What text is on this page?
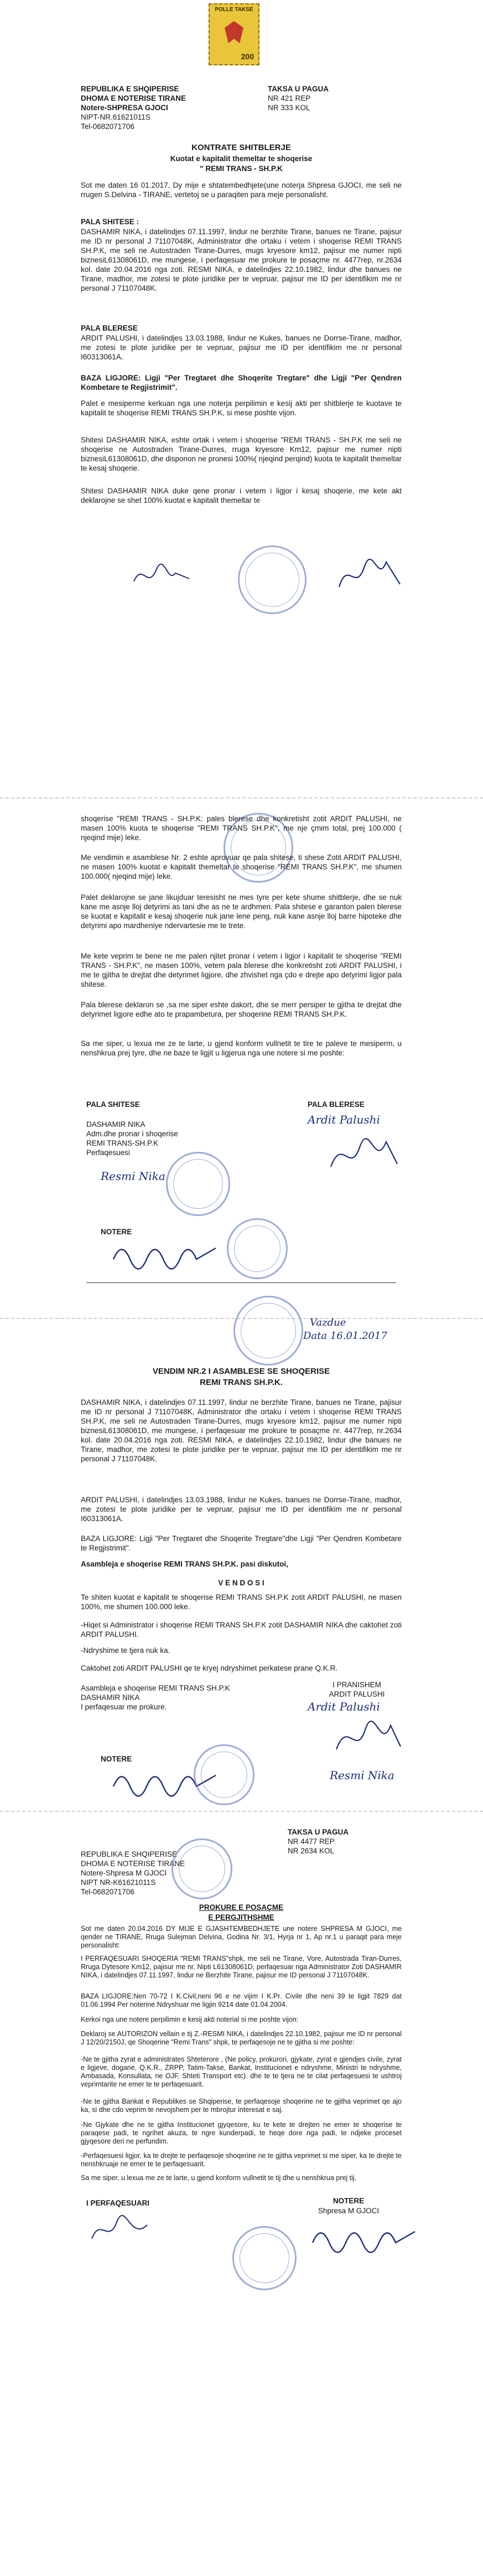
POLLE TAKSE
200
REPUBLIKA E SHQIPERISE
DHOMA E NOTERISE TIRANE
Notere-SHPRESA GJOCI
NIPT-NR.61621011S
Tel-0682071706
TAKSA U PAGUA
NR 421 REP
NR 333 KOL
KONTRATE SHITBLERJE
Kuotat e kapitalit themeltar te shoqerise
" REMI TRANS - SH.P.K
Sot me daten 16 01.2017, Dy mije e shtatembedhjete(une noterja Shpresa GJOCI, me seli ne rrugen S.Delvina - TIRANE, vertetoj se u paraqiten para meje personalisht.
PALA SHITESE :
DASHAMIR NIKA, i datelindjes 07.11.1997, lindur ne berzhite Tirane, banues ne Tirane, pajisur me ID nr personal J 71107048K, Administrator dhe ortaku i vetem i shoqerise REMI TRANS SH.P.K, me seli ne Autostraden Tirane-Durres, mugs kryesore km12, pajisur me numer nipti biznesiL61308061D, me mungese, i perfaqesuar me prokure te posaçme nr. 4477rep, nr.2634 kol. date 20.04.2016 nga zoti. RESMI NIKA, e datelindjes 22.10.1982, lindur dhe banues ne Tirane, madhor, me zotesi te plote juridike per te vepruar, pajisur me ID per identifikim me nr personal J 71107048K.
PALA BLERESE
ARDIT PALUSHI, i datelindjes 13.03.1988, lindur ne Kukes, banues ne Dorrse-Tirane, madhor, me zotesi te plote juridike per te vepruar, pajisur me ID per identifikim me nr personal I60313061A.
BAZA LIGJORE: Ligji "Per Tregtaret dhe Shoqerite Tregtare" dhe Ligji "Per Qendren Kombetare te Regjistrimit".
Palet e mesiperme kerkuan nga une noterja perpilimin e kesij akti per shitblerje te kuotave te kapitalit te shoqerise REMI TRANS SH.P.K, si mese poshte vijon.
Shitesi DASHAMIR NIKA, eshte ortak i vetem i shoqerise "REMI TRANS - SH.P.K me seli ne shoqerise ne Autostraden Tirane-Durres, rruga kryesore Km12, pajisur me numer nipti biznesiL61308061D, dhe disponon ne pronesi 100%( njeqind perqind) kuota te kapitalit themeltar te kesaj shoqerie.
Shitesi DASHAMIR NIKA duke qene pronar i vetem i ligjor i kesaj shoqerie, me kete akt deklarojne se shet 100% kuotat e kapitalit themeltar te
shoqerise "REMI TRANS - SH.P.K: pales blerese dhe konkretisht zotit ARDIT PALUSHI, ne masen 100% kuota te shoqerise "REMI TRANS SH.P.K", me nje çmim total, prej 100.000 ( njeqind mije) leke.
Me vendimin e asamblese Nr. 2 eshte aprovuar qe pala shitese, ti shese Zotit ARDIT PALUSHI, ne masen 100% kuotat e kapitalit themeltar te shoqerise "REMI TRANS SH.P.K", me shumen 100.000( njeqind mije) leke.
Palet deklarojne se jane likujduar teresisht ne mes tyre per kete shume shitblerje, dhe se nuk kane me asnje lloj detyrimi as tani dhe as ne te ardhmen. Pala shitese e garanton palen blerese se kuotat e kapitalit e kesaj shoqerie nuk jane lene peng, nuk kane asnje lloj barre hipoteke dhe detyrimi apo mardheniye ndervartesie me te trete.
Me kete veprim te bene ne me palen njitet pronar i vetem i ligjor i kapitalit te shoqerise "REMI TRANS - SH.P.K", ne masen 100%, vetem pala blerese dhe konkretisht zoti ARDIT PALUSHI, i me te gjitha te drejtat dhe detyrimet ligjore, dhe zhvishet nga çdo e drejte apo detyrimi ligjor pala shitese.
Pala blerese deklaron se ,sa me siper eshte dakort, dhe se merr persiper te gjitha te drejtat dhe detyrimet ligjore edhe ato te prapambetura, per shoqerine REMI TRANS SH.P.K.
Sa me siper, u lexua me ze te larte, u gjend konform vullnetit te tire te paleve te mesiperm, u nenshkrua prej tyre, dhe ne baze te ligjit u ligjerua nga une notere si me poshte:
PALA SHITESE	PALA BLERESE
DASHAMIR NIKA
Adm.dhe pronar i shoqerise
REMI TRANS-SH.P.K
Perfaqesuesi
Ardit Palushi
Resmi Nika
NOTERE
Vazdue
Data 16.01.2017
VENDIM NR.2 I ASAMBLESE SE SHOQERISE
REMI TRANS SH.P.K.
DASHAMIR NIKA, i datelindjes 07.11.1997, lindur ne berzhite Tirane, banues ne Tirane, pajisur me ID nr personal J 71107048K, Administrator dhe ortaku i vetem i shoqerise REMI TRANS SH.P.K, me seli ne Autostraden Tirane-Durres, mugs kryesore km12, pajisur me numer nipti biznesiL61308061D, me mungese, i perfaqesuar me prokure te posaçme nr. 4477rep, nr.2634 kol. date 20.04.2016 nga zoti. RESMI NIKA, e datelindjes 22.10.1982, lindur dhe banues ne Tirane, madhor, me zotesi te plote juridike per te vepruar, pajisur me ID per identifikim me nr personal J 71107048K.
ARDIT PALUSHI, i datelindjes 13.03.1988, lindur ne Kukes, banues ne Dorrse-Tirane, madhor, me zotesi te plote juridike per te vepruar, pajisur me ID per identifikim me nr personal I60313061A.
BAZA LIGJORE: Ligji "Per Tregtaret dhe Shoqerite Tregtare"dhe Ligji "Per Qendren Kombetare te Regjistrimit".
Asambleja e shoqerise REMI TRANS SH.P.K. pasi diskutoi,
V E N D O S I
Te shiten kuotat e kapitalit te shoqerise REMI TRANS SH.P.K zotit ARDIT PALUSHI, ne masen 100%, me shumen 100.000 leke.
-Hiqet si Administrator i shoqerise REMI TRANS SH.P.K zotit DASHAMIR NIKA dhe caktohet zoti ARDIT PALUSHI.
-Ndryshime te tjera nuk ka.
Caktohet zoti ARDIT PALUSHI qe te kryej ndryshimet perkatese prane Q.K.R.
Asambleja e shoqerise REMI TRANS SH.P.K
DASHAMIR NIKA
I perfaqesuar me prokure.
I PRANISHEM
ARDIT PALUSHI
Ardit Palushi
NOTERE
Resmi Nika
TAKSA U PAGUA
NR 4477 REP
NR 2634 KOL
REPUBLIKA E SHQIPERISE
DHOMA E NOTERISE TIRANE
Notere-Shpresa M GJOCI
NIPT NR-K61621011S
Tel-0682071706
PROKURE E POSAÇME
E PERGJITHSHME
Sot me daten 20.04.2016 DY MIJE E GJASHTEMBEDHJETE une notere SHPRESA M GJOCI, me qender ne TIRANE, Rruga Sulejman Delvina, Godina Nr. 3/1, Hyrja nr 1, Ap nr.1 u paraqit para meje personalisht:
I PERFAQESUARI SHOQERIA "REMI TRANS"shpk, me seli ne Tirane, Vore, Autostrada Tiran-Durres, Rruga Dytesore Km12, pajisur me nr. Nipti L61308061D, perfaqesuar nga Administrator Zoti DASHAMIR NIKA, i datelindjes 07.11.1997, lindur ne Berzhite Tirane, pajisur me ID personal J 71107048K.
BAZA LIGJORE:Nen 70-72 I K.Civil,neni 96 e ne vijim I K.Pr. Civile dhe neni 39 te ligjit 7829 dat 01.06.1994 Per noterine.Ndryshuar me ligjin 9214 date 01.04.2004.
Kerkoi nga une notere perpilimin e kesij akti noterial si me poshte vijon:
Deklaroj se AUTORIZON vellain e tij Z.-RESMI NIKA, i datelindjes 22.10.1982, pajisur me ID nr personal J 12/20/2150J, qe Shoqerine "Remi Trans" shpk, te perfaqesoje ne te gjitha si me poshte:
-Ne te gjitha zyrat e administrates Shteterore , (Ne policy, prokurori, gjykate, zyrat e gjendjes civile, zyrat e ligjeve, dogane, Q.K.R., ZRPP, Tatim-Takse, Bankat, Institucionet e ndryshme, Ministri te ndryshme, Ambasada, Konsullata, ne OJF, Shteti Transport etc). dhe te te tjera ne te cilat perfaqesuesi te ushtroj veprimtarite ne emer te te perfaqesuarit.
-Ne te gjitha Bankat e Republikes se Shqiperise, te perfaqesoje shoqerine ne te gjitha veprimet qe ajo ka, si dhe cdo veprim te nevojshem per te mbrojtur interesat e saj.
-Ne Gjykate dhe ne te gjitha Institucionet gjyqesore, ku te kete te drejten ne emer te shoqerise te paraqese padi, te ngrihet akuza, te ngre kunderpadi, te heqe dore nga padi, te ndjeke proceset gjyqesore deri ne perfundim.
-Perfaqesuesi ligjor, ka te drejte te perfaqesoje shoqerine ne te gjitha veprimet si me siper, ka te drejte te nenshkruaje ne emer te te perfaqesuarit.
Sa me siper, u lexua me ze te larte, u gjend konform vullnetit te tij dhe u nenshkrua prej tij.
I PERFAQESUARI	NOTERE
Shpresa M GJOCI
